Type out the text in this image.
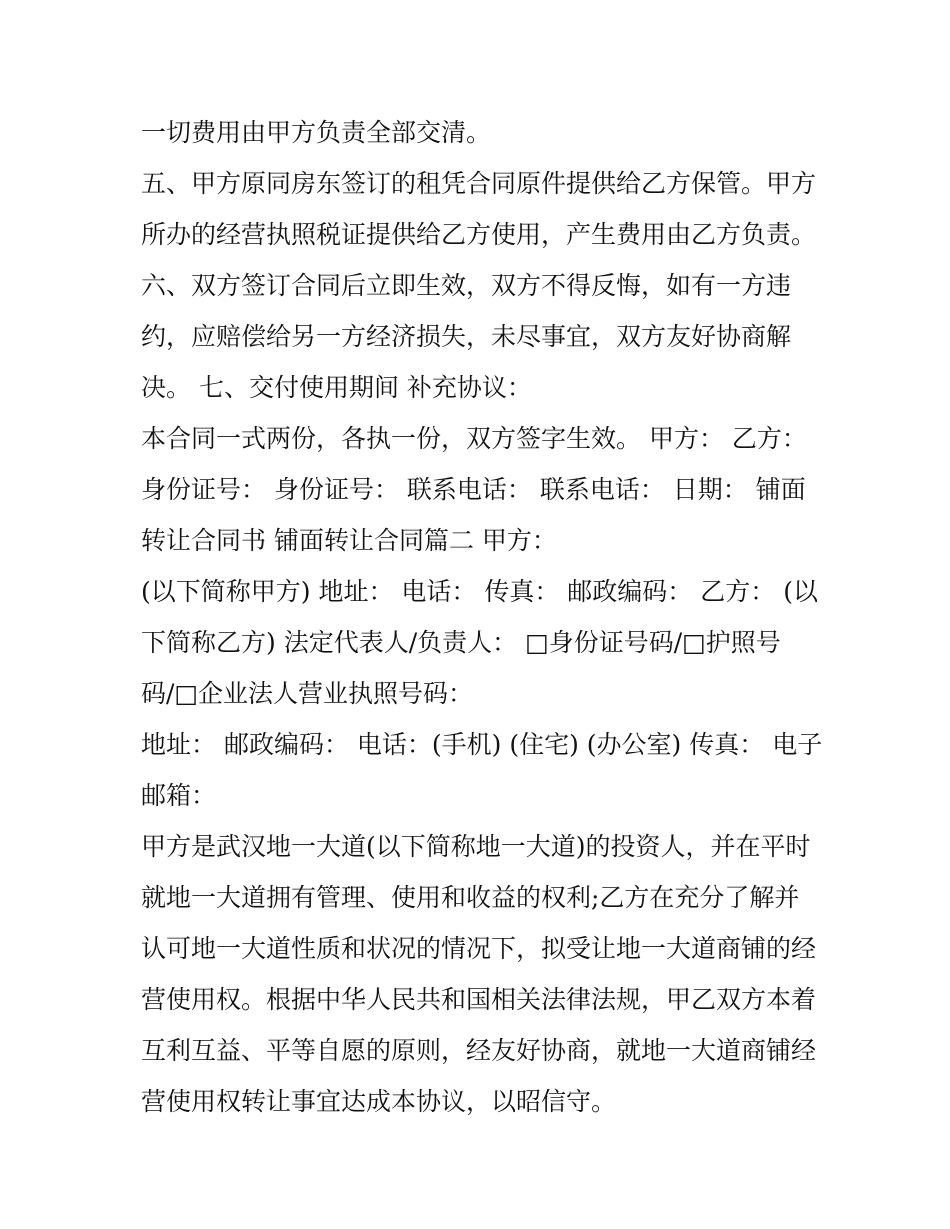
一切费用由甲方负责全部交清。
五、甲方原同房东签订的租凭合同原件提供给乙方保管。甲方
所办的经营执照税证提供给乙方使用，产生费用由乙方负责。
六、双方签订合同后立即生效，双方不得反悔，如有一方违
约，应赔偿给另一方经济损失，未尽事宜，双方友好协商解
决。 七、交付使用期间 补充协议：
本合同一式两份，各执一份，双方签字生效。 甲方： 乙方：
身份证号： 身份证号： 联系电话： 联系电话： 日期： 铺面
转让合同书 铺面转让合同篇二 甲方：
(以下简称甲方) 地址： 电话： 传真： 邮政编码： 乙方： (以
下简称乙方) 法定代表人/负责人： □身份证号码/□护照号
码/□企业法人营业执照号码：
地址： 邮政编码： 电话：(手机) (住宅) (办公室) 传真： 电子
邮箱：
甲方是武汉地一大道(以下简称地一大道)的投资人，并在平时
就地一大道拥有管理、使用和收益的权利;乙方在充分了解并
认可地一大道性质和状况的情况下，拟受让地一大道商铺的经
营使用权。根据中华人民共和国相关法律法规，甲乙双方本着
互利互益、平等自愿的原则，经友好协商，就地一大道商铺经
营使用权转让事宜达成本协议，以昭信守。
